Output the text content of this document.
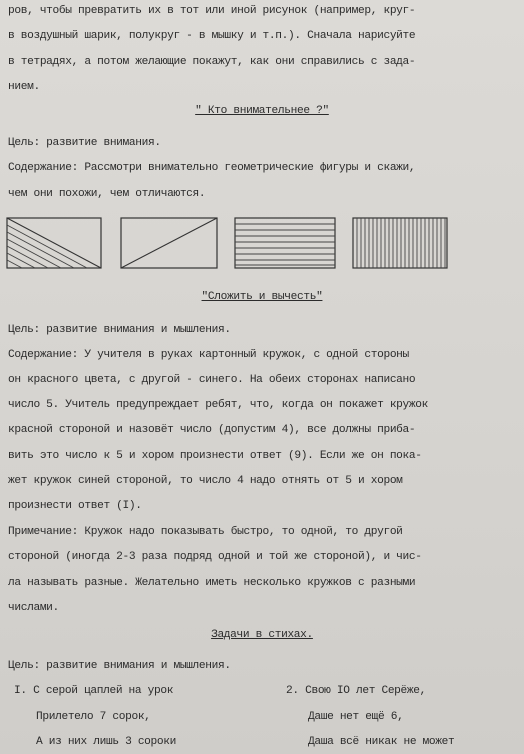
ров, чтобы превратить их в тот или иной рисунок (например, круг-
в воздушный шарик, полукруг - в мышку и т.п.). Сначала нарисуйте
в тетрадях, а потом желающие покажут, как они справились с зада-
нием.
" Кто внимательнее ?"
Цель: развитие внимания.
Содержание: Рассмотри внимательно геометрические фигуры и скажи,
чем они похожи, чем отличаются.
"Сложить и вычесть"
Цель: развитие внимания и мышления.
Содержание: У учителя в руках картонный кружок, с одной стороны
он красного цвета, с другой - синего. На обеих сторонах написано
число 5. Учитель предупреждает ребят, что, когда он покажет кружок
красной стороной и назовёт число (допустим 4), все должны приба-
вить это число к 5 и хором произнести ответ (9). Если же он пока-
жет кружок синей стороной, то число 4 надо отнять от 5 и хором
произнести ответ (I).
Примечание: Кружок надо показывать быстро, то одной, то другой
стороной (иногда 2-3 раза подряд одной и той же стороной), и чис-
ла называть разные. Желательно иметь несколько кружков с разными
числами.
Задачи в стихах.
Цель: развитие внимания и мышления.
I. С серой цаплей на урок
Прилетело 7 сорок,
А из них лишь 3 сороки
2. Свою IO лет Серёже,
Даше нет ещё 6,
Даша всё никак не может
